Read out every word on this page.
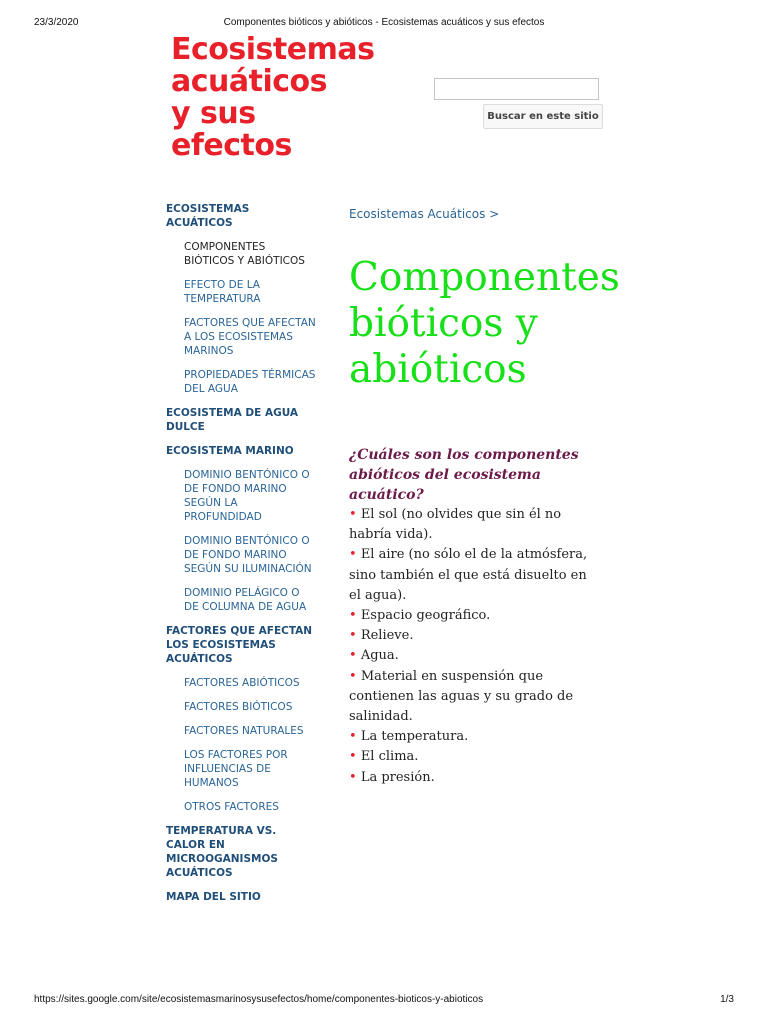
23/3/2020	Componentes bióticos y abióticos - Ecosistemas acuáticos y sus efectos
Ecosistemas
acuáticos
y sus
efectos
Buscar en este sitio
ECOSISTEMAS ACUÁTICOS
COMPONENTES BIÓTICOS Y ABIÓTICOS
EFECTO DE LA TEMPERATURA
FACTORES QUE AFECTAN A LOS ECOSISTEMAS MARINOS
PROPIEDADES TÉRMICAS DEL AGUA
ECOSISTEMA DE AGUA DULCE
ECOSISTEMA MARINO
DOMINIO BENTÓNICO O DE FONDO MARINO SEGÚN LA PROFUNDIDAD
DOMINIO BENTÓNICO O DE FONDO MARINO SEGÚN SU ILUMINACIÓN
DOMINIO PELÁGICO O DE COLUMNA DE AGUA
FACTORES QUE AFECTAN LOS ECOSISTEMAS ACUÁTICOS
FACTORES ABIÓTICOS
FACTORES BIÓTICOS
FACTORES NATURALES
LOS FACTORES POR INFLUENCIAS DE HUMANOS
OTROS FACTORES
TEMPERATURA VS. CALOR EN MICROOGANISMOS ACUÁTICOS
MAPA DEL SITIO
Ecosistemas Acuáticos >
Componentes bióticos y abióticos
¿Cuáles son los componentes abióticos del ecosistema acuático?
• El sol (no olvides que sin él no habría vida).
• El aire (no sólo el de la atmósfera, sino también el que está disuelto en el agua).
• Espacio geográfico.
• Relieve.
• Agua.
• Material en suspensión que contienen las aguas y su grado de salinidad.
• La temperatura.
• El clima.
• La presión.
https://sites.google.com/site/ecosistemasmarinosysusefectos/home/componentes-bioticos-y-abioticos	1/3
